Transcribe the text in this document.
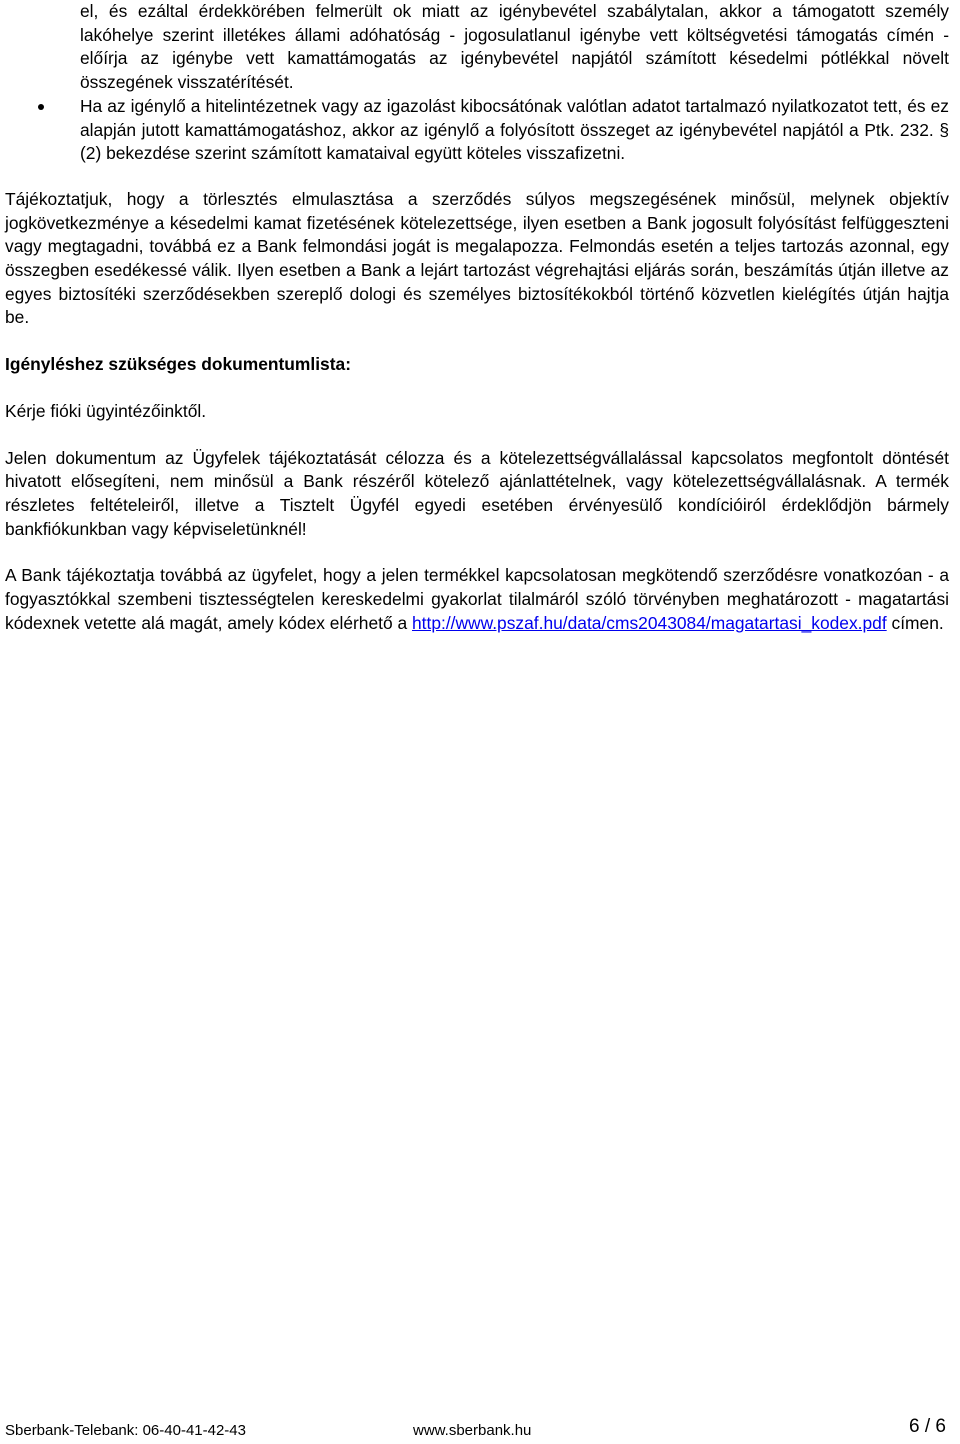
el, és ezáltal érdekkörében felmerült ok miatt az igénybevétel szabálytalan, akkor a támogatott személy lakóhelye szerint illetékes állami adóhatóság - jogosulatlanul igénybe vett költségvetési támogatás címén - előírja az igénybe vett kamattámogatás az igénybevétel napjától számított késedelmi pótlékkal növelt összegének visszatérítését.

Ha az igénylő a hitelintézetnek vagy az igazolást kibocsátónak valótlan adatot tartalmazó nyilatkozatot tett, és ez alapján jutott kamattámogatáshoz, akkor az igénylő a folyósított összeget az igénybevétel napjától a Ptk. 232. § (2) bekezdése szerint számított kamataival együtt köteles visszafizetni.

Tájékoztatjuk, hogy a törlesztés elmulasztása a szerződés súlyos megszegésének minősül, melynek objektív jogkövetkezménye a késedelmi kamat fizetésének kötelezettsége, ilyen esetben a Bank jogosult folyósítást felfüggeszteni vagy megtagadni, továbbá ez a Bank felmondási jogát is megalapozza. Felmondás esetén a teljes tartozás azonnal, egy összegben esedékessé válik. Ilyen esetben a Bank a lejárt tartozást végrehajtási eljárás során, beszámítás útján illetve az egyes biztosítéki szerződésekben szereplő dologi és személyes biztosítékokból történő közvetlen kielégítés útján hajtja be.

Igényléshez szükséges dokumentumlista:

Kérje fióki ügyintézőinktől.

Jelen dokumentum az Ügyfelek tájékoztatását célozza és a kötelezettségvállalással kapcsolatos megfontolt döntését hivatott elősegíteni, nem minősül a Bank részéről kötelező ajánlattételnek, vagy kötelezettségvállalásnak. A termék részletes feltételeiről, illetve a Tisztelt Ügyfél egyedi esetében érvényesülő kondícióiról érdeklődjön bármely bankfiókunkban vagy képviseletünknél!

A Bank tájékoztatja továbbá az ügyfelet, hogy a jelen termékkel kapcsolatosan megkötendő szerződésre vonatkozóan - a fogyasztókkal szembeni tisztességtelen kereskedelmi gyakorlat tilalmáról szóló törvényben meghatározott - magatartási kódexnek vetette alá magát, amely kódex elérhető a http://www.pszaf.hu/data/cms2043084/magatartasi_kodex.pdf címen.

Sberbank-Telebank: 06-40-41-42-43	www.sberbank.hu	6 / 6
